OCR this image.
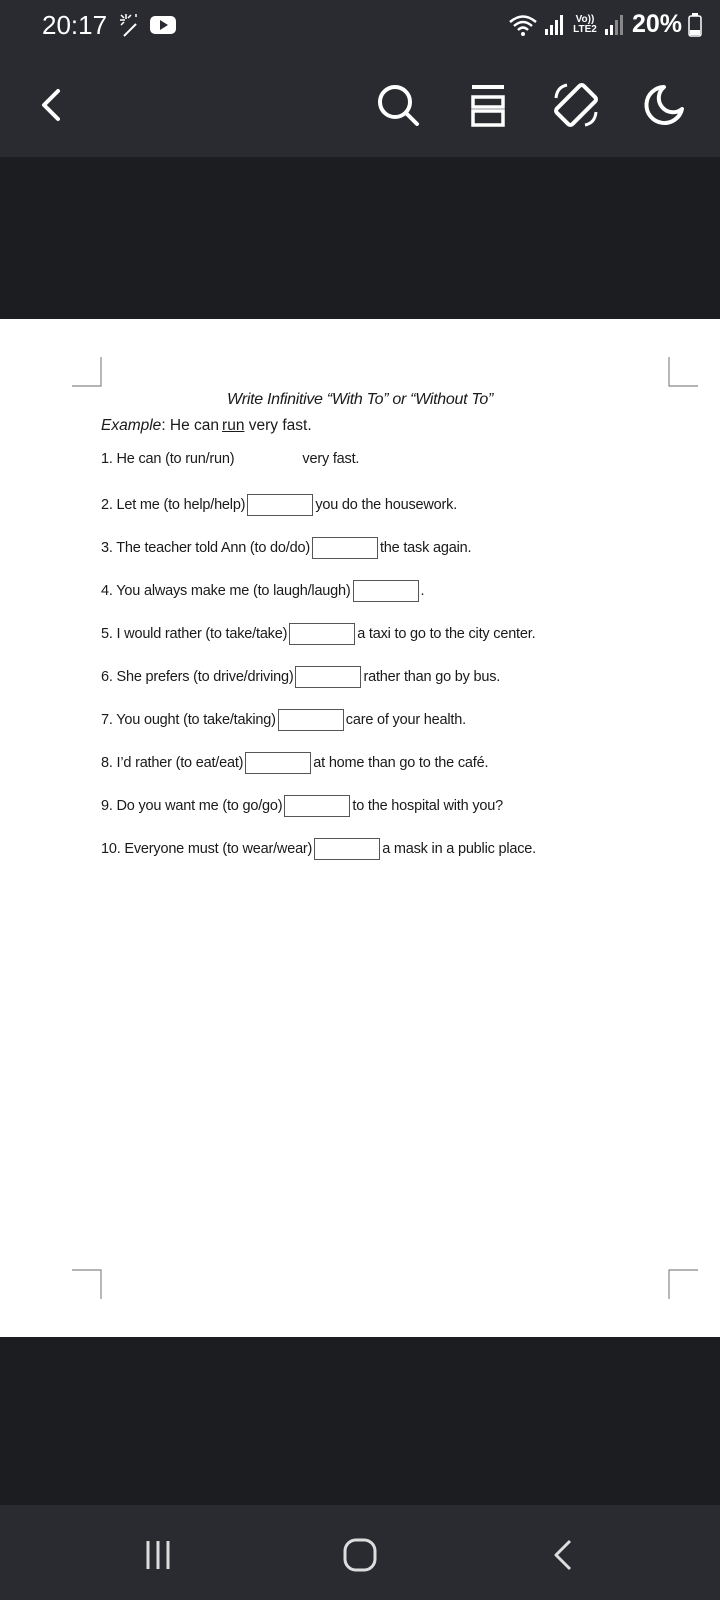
20:17	Vo)) LTE2 20%
Write Infinitive “With To” or “Without To”
Example: He can run very fast.
1. He can (to run/run)	very fast.
2. Let me (to help/help)	you do the housework.
3. The teacher told Ann (to do/do)	the task again.
4. You always make me (to laugh/laugh)	.
5. I would rather (to take/take)	a taxi to go to the city center.
6. She prefers (to drive/driving)	rather than go by bus.
7. You ought (to take/taking)	care of your health.
8. I’d rather (to eat/eat)	at home than go to the café.
9. Do you want me (to go/go)	to the hospital with you?
10. Everyone must (to wear/wear)	a mask in a public place.
